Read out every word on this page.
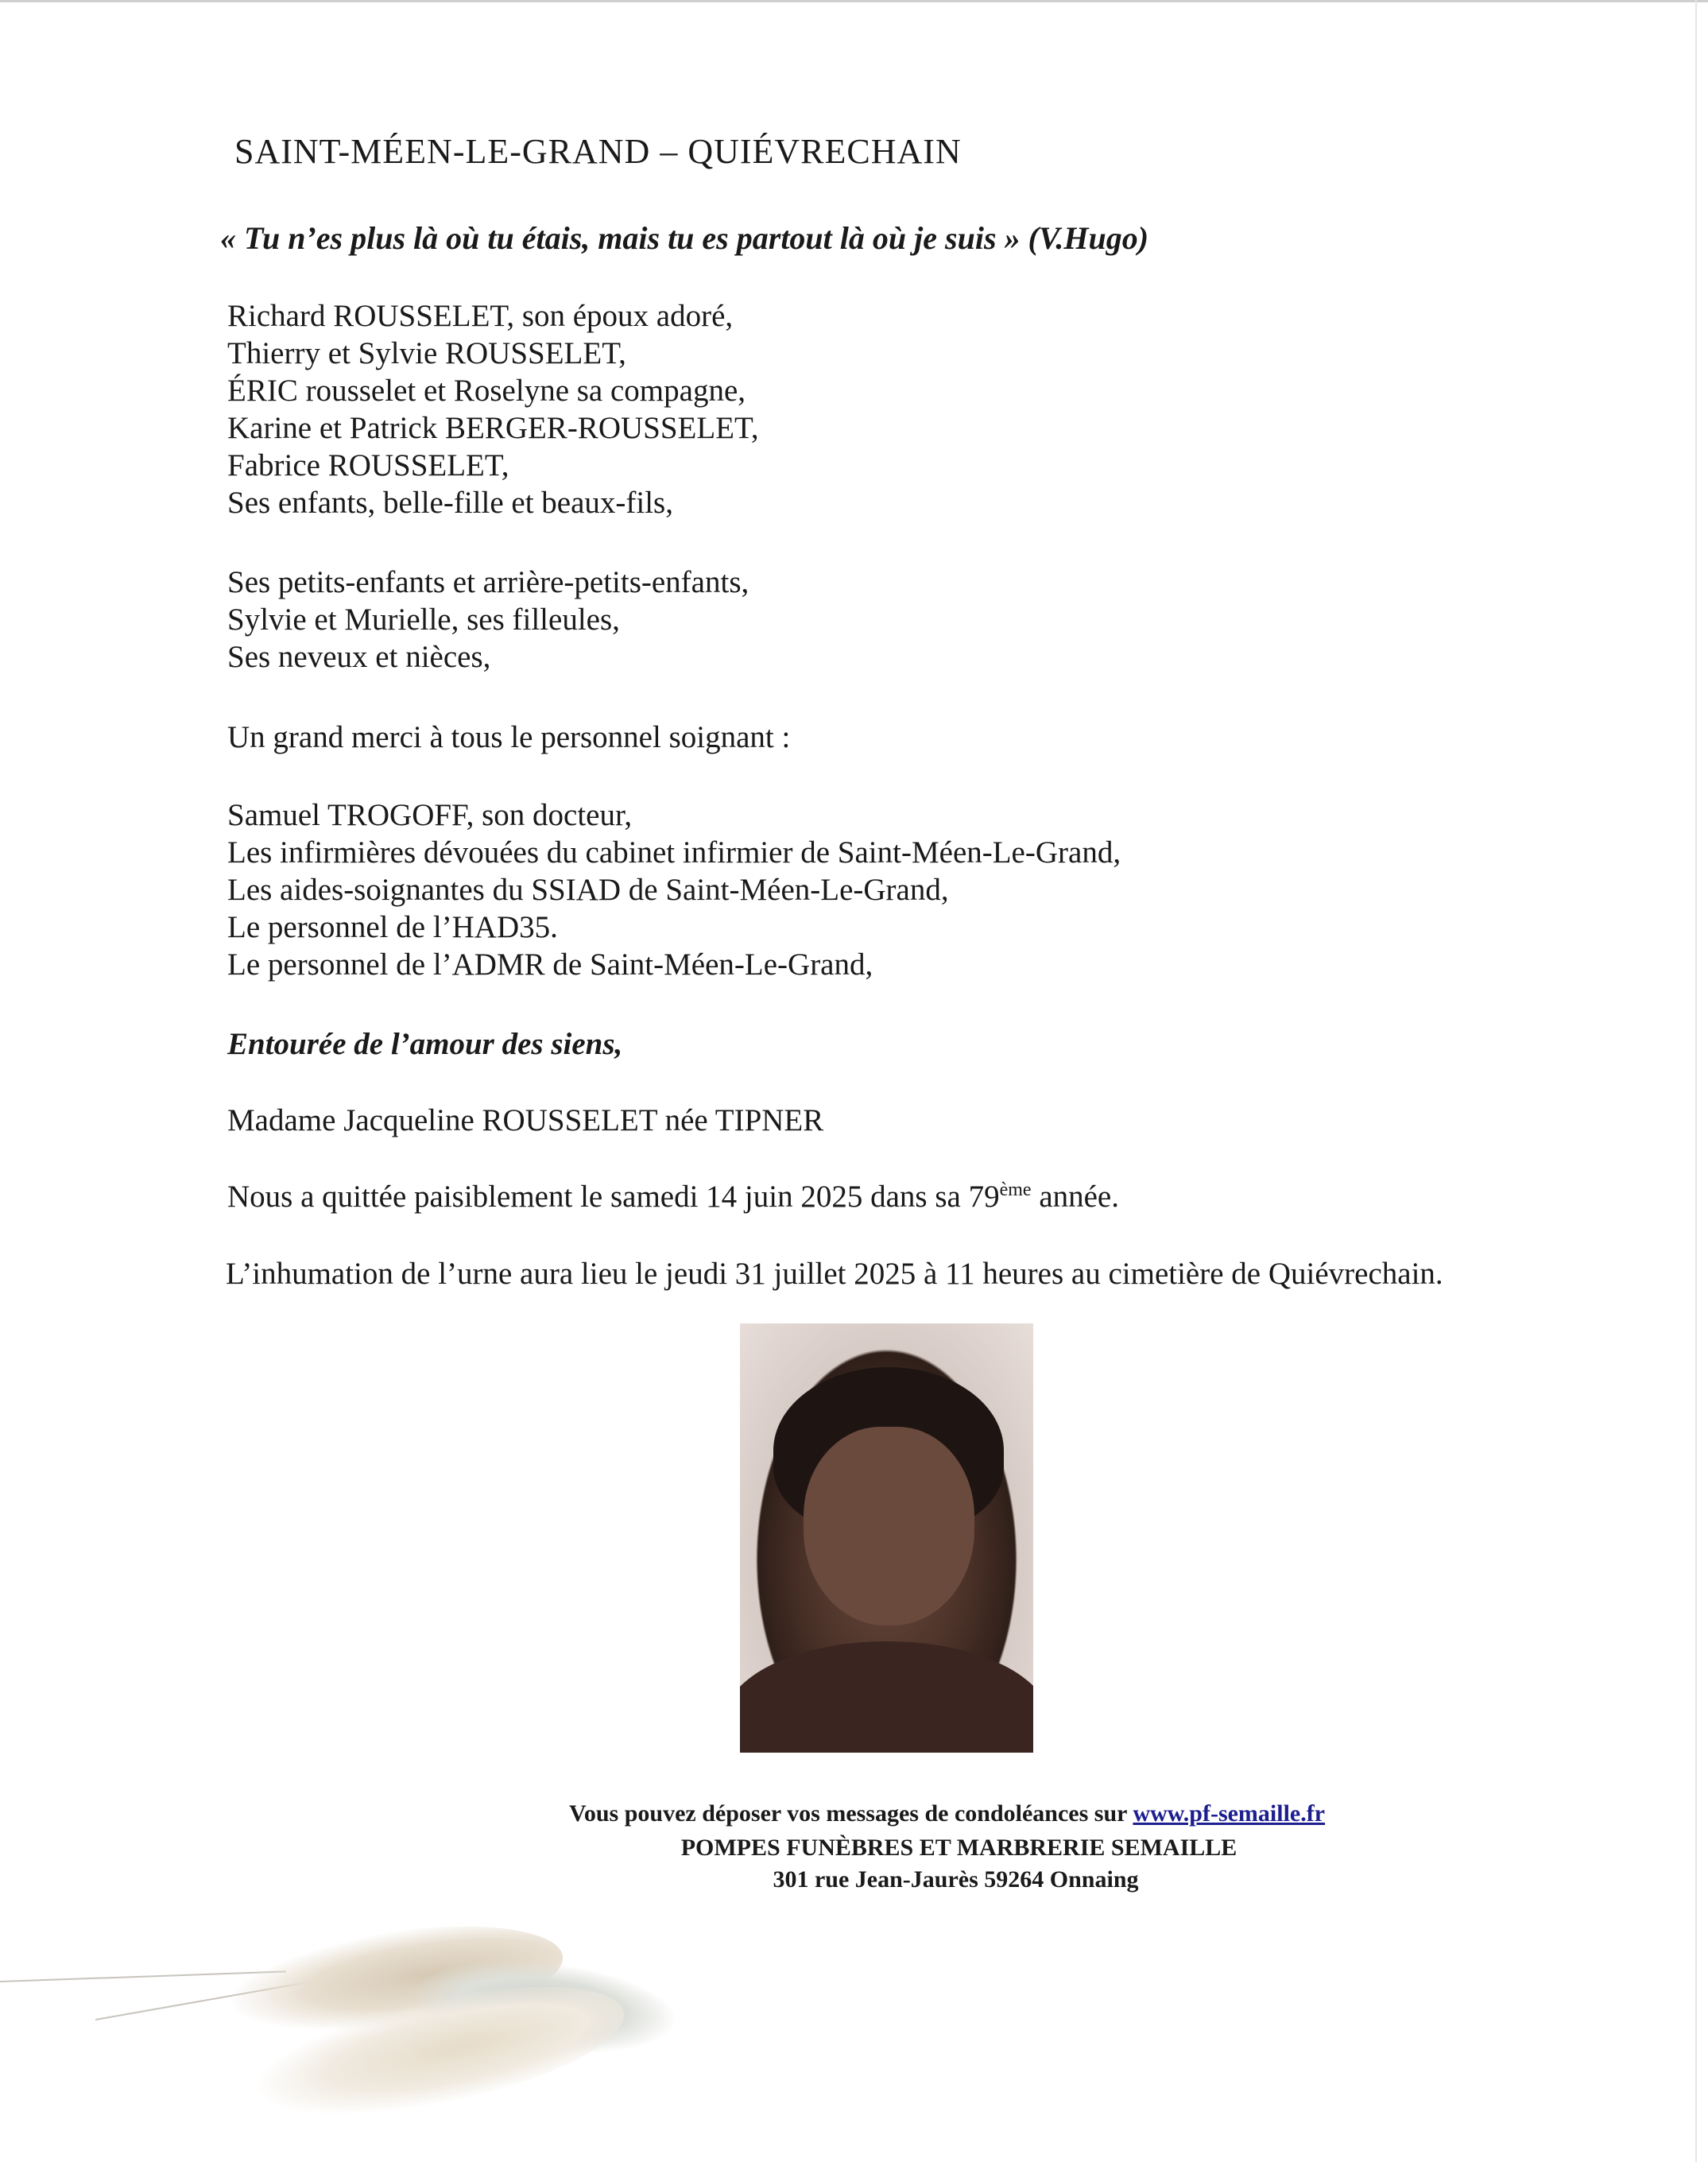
SAINT-MÉEN-LE-GRAND – QUIÉVRECHAIN
« Tu n’es plus là où tu étais, mais tu es partout là où je suis » (V.Hugo)
Richard ROUSSELET, son époux adoré,
Thierry et Sylvie ROUSSELET,
ÉRIC rousselet et Roselyne sa compagne,
Karine et Patrick BERGER-ROUSSELET,
Fabrice ROUSSELET,
Ses enfants, belle-fille et beaux-fils,
Ses petits-enfants et arrière-petits-enfants,
Sylvie et Murielle, ses filleules,
Ses neveux et nièces,
Un grand merci à tous le personnel soignant :
Samuel TROGOFF, son docteur,
Les infirmières dévouées du cabinet infirmier de Saint-Méen-Le-Grand,
Les aides-soignantes du SSIAD de Saint-Méen-Le-Grand,
Le personnel de l’HAD35.
Le personnel de l’ADMR de Saint-Méen-Le-Grand,
Entourée de l’amour des siens,
Madame Jacqueline ROUSSELET née TIPNER
Nous a quittée paisiblement le samedi 14 juin 2025 dans sa 79ème année.
L’inhumation de l’urne aura lieu le jeudi 31 juillet 2025 à 11 heures au cimetière de Quiévrechain.
Vous pouvez déposer vos messages de condoléances sur www.pf-semaille.fr
POMPES FUNÈBRES ET MARBRERIE SEMAILLE
301 rue Jean-Jaurès 59264 Onnaing
